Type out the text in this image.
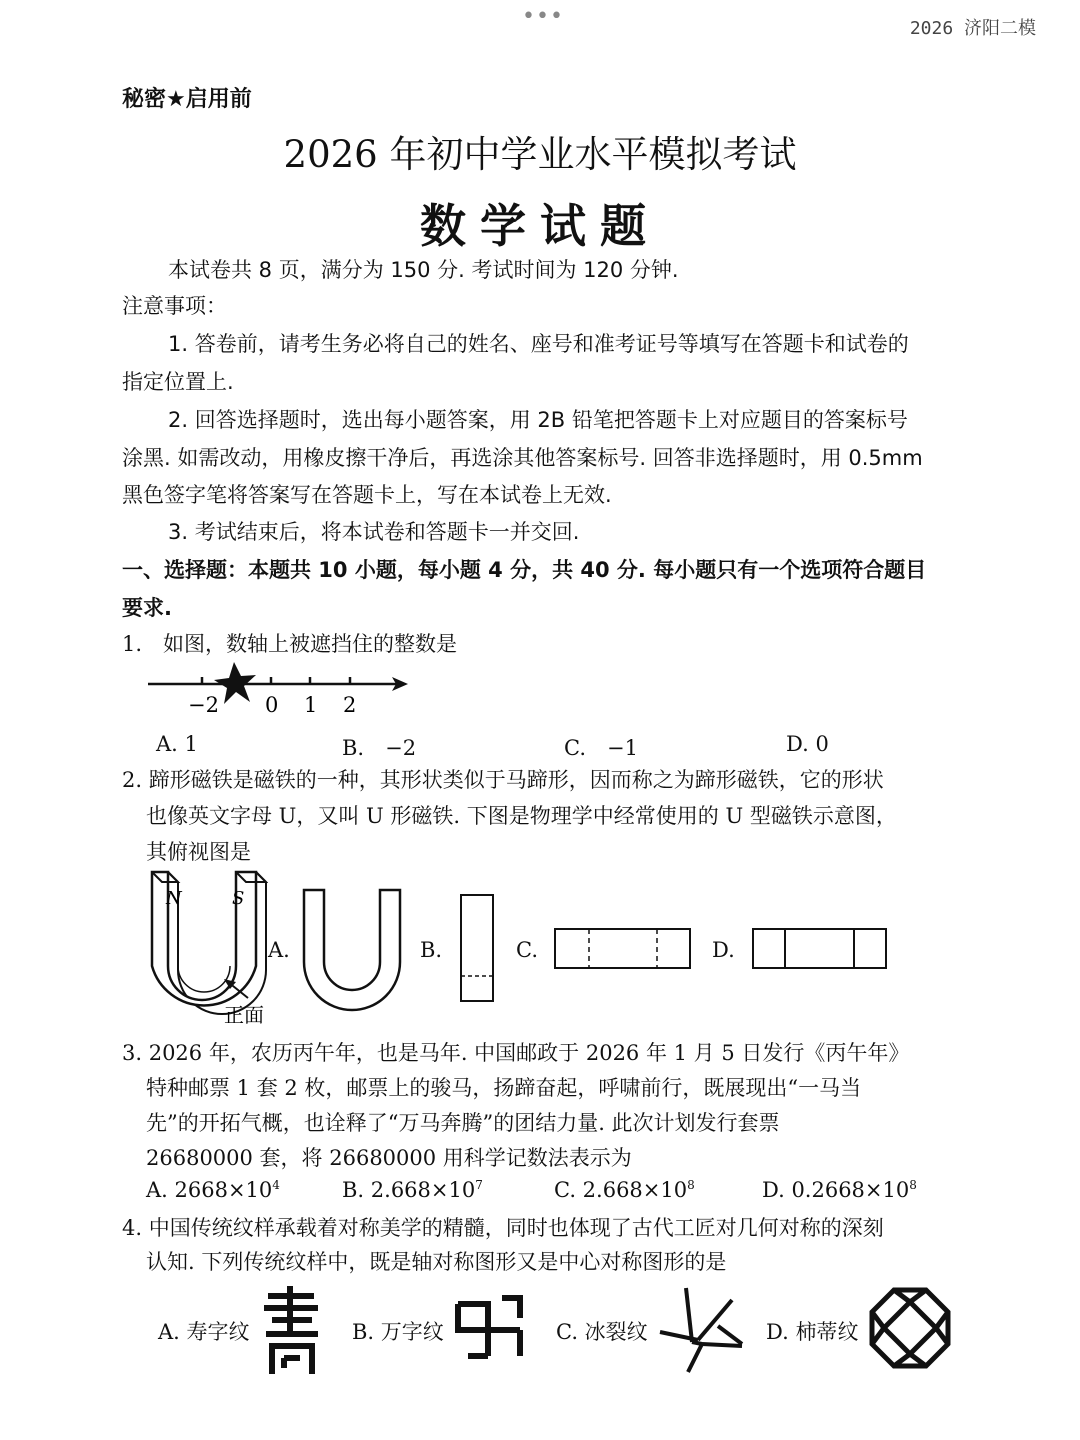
•••	2026 济阳二模
秘密★启用前
2026 年初中学业水平模拟考试
数学试题
本试卷共 8 页，满分为 150 分. 考试时间为 120 分钟.
注意事项：
1. 答卷前，请考生务必将自己的姓名、座号和准考证号等填写在答题卡和试卷的
指定位置上.
2. 回答选择题时，选出每小题答案，用 2B 铅笔把答题卡上对应题目的答案标号
涂黑. 如需改动，用橡皮擦干净后，再选涂其他答案标号. 回答非选择题时，用 0.5mm
黑色签字笔将答案写在答题卡上，写在本试卷上无效.
3. 考试结束后，将本试卷和答题卡一并交回.
一、选择题：本题共 10 小题，每小题 4 分，共 40 分. 每小题只有一个选项符合题目
要求.
1.　如图，数轴上被遮挡住的整数是
−2 0 1 2
A. 1	B.　−2	C.　−1	D. 0
2. 蹄形磁铁是磁铁的一种，其形状类似于马蹄形，因而称之为蹄形磁铁，它的形状
也像英文字母 U，又叫 U 形磁铁. 下图是物理学中经常使用的 U 型磁铁示意图，
其俯视图是
N	S
正面
A.	B.	C.	D.
3. 2026 年，农历丙午年，也是马年. 中国邮政于 2026 年 1 月 5 日发行《丙午年》
特种邮票 1 套 2 枚，邮票上的骏马，扬蹄奋起，呼啸前行，既展现出“一马当
先”的开拓气概，也诠释了“万马奔腾”的团结力量. 此次计划发行套票
26680000 套，将 26680000 用科学记数法表示为
A. $2668\times 10^4$	B. $2.668\times 10^7$	C. $2.668\times 10^8$	D. $0.2668\times 10^8$
4. 中国传统纹样承载着对称美学的精髓，同时也体现了古代工匠对几何对称的深刻
认知. 下列传统纹样中，既是轴对称图形又是中心对称图形的是
A. 寿字纹	B. 万字纹	C. 冰裂纹	D. 柿蒂纹
